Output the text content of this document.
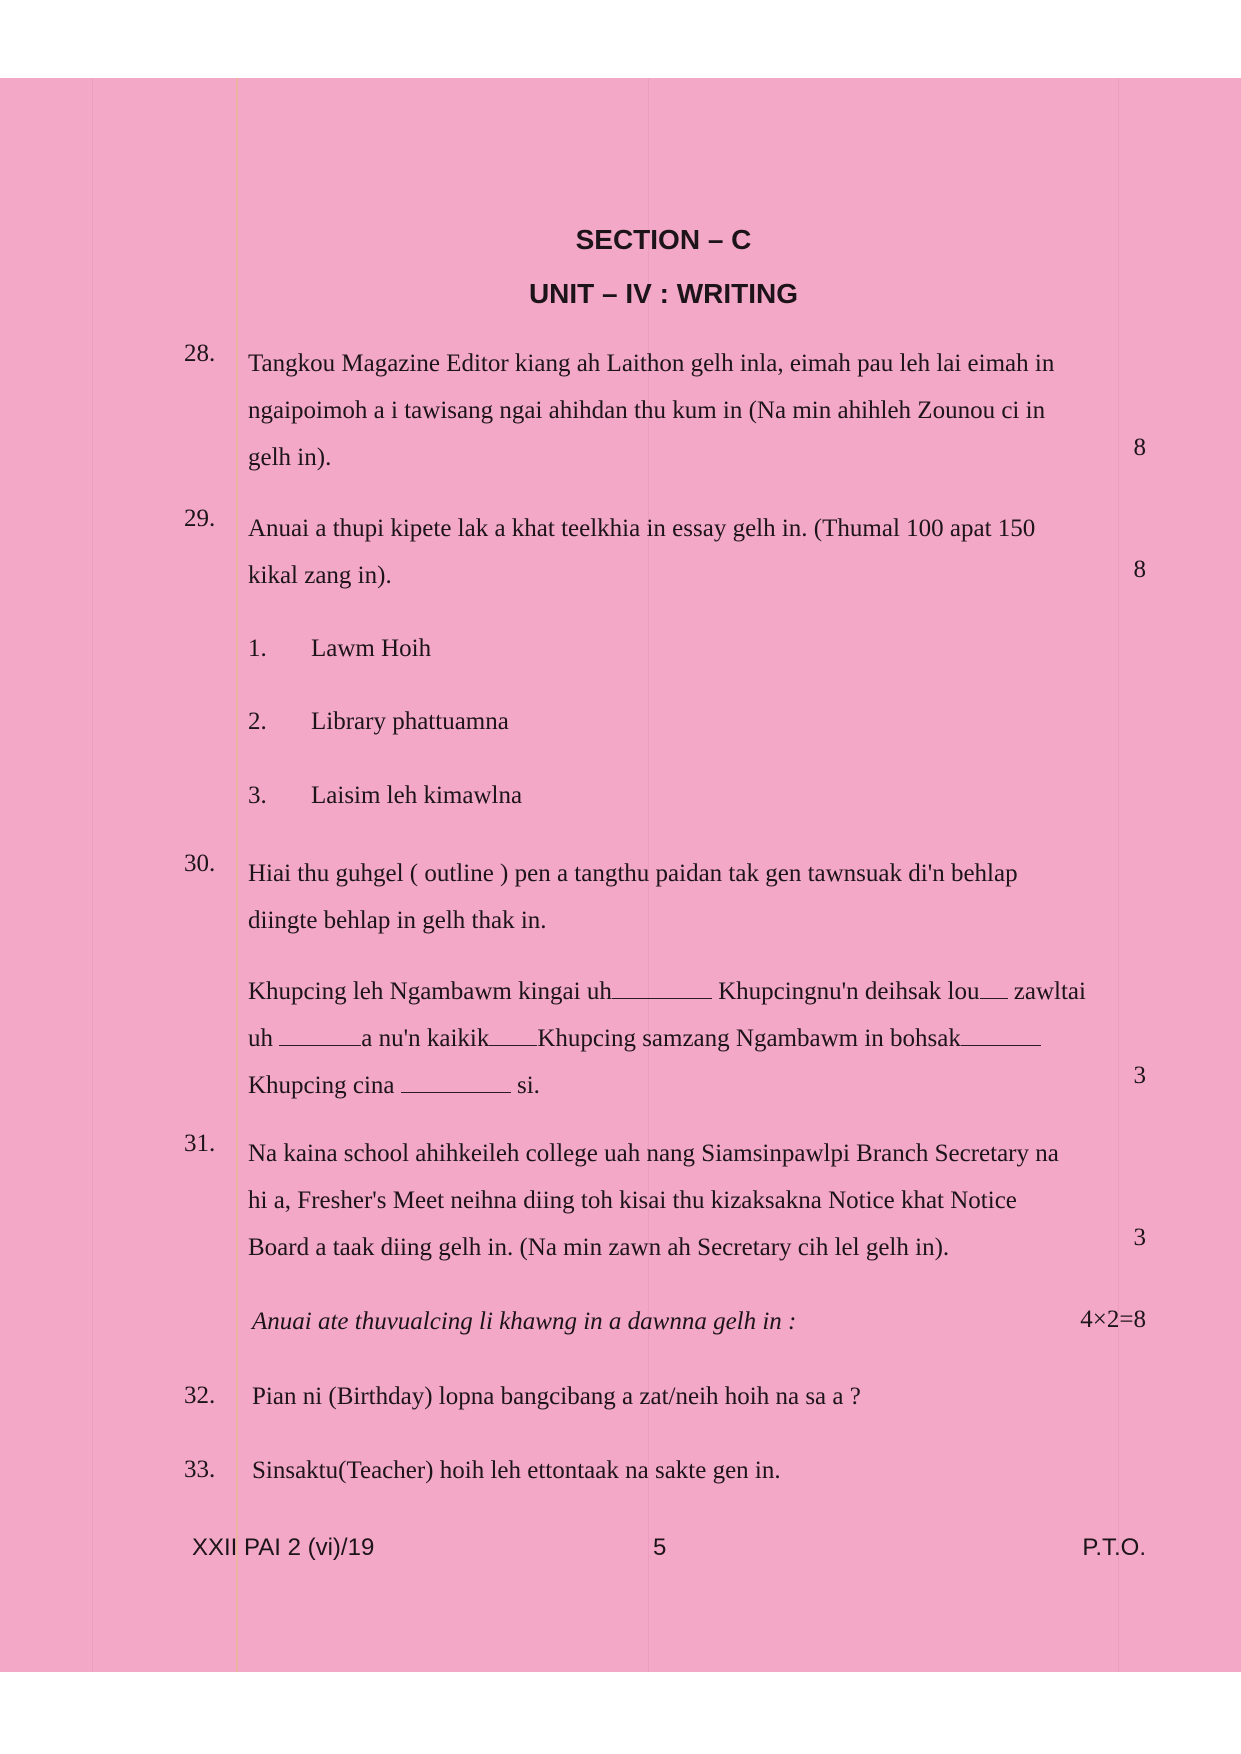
SECTION – C
UNIT – IV : WRITING
28. Tangkou Magazine Editor kiang ah Laithon gelh inla, eimah pau leh lai eimah in
ngaipoimoh a i tawisang ngai ahihdan thu kum in (Na min ahihleh Zounou ci in
gelh in).	8
29. Anuai a thupi kipete lak a khat teelkhia in essay gelh in. (Thumal 100 apat 150
kikal zang in).	8
1. Lawm Hoih
2. Library phattuamna
3. Laisim leh kimawlna
30. Hiai thu guhgel ( outline ) pen a tangthu paidan tak gen tawnsuak di'n behlap
diingte behlap in gelh thak in.
Khupcing leh Ngambawm kingai uh	Khupcingnu'n deihsak lou zawltai
uh	a nu'n kaikik Khupcing samzang Ngambawm in bohsak
Khupcing cina	si.	3
31. Na kaina school ahihkeileh college uah nang Siamsinpawlpi Branch Secretary na
hi a, Fresher's Meet neihna diing toh kisai thu kizaksakna Notice khat Notice
Board a taak diing gelh in. (Na min zawn ah Secretary cih lel gelh in).	3
Anuai ate thuvualcing li khawng in a dawnna gelh in :	4×2=8
32. Pian ni (Birthday) lopna bangcibang a zat/neih hoih na sa a ?
33. Sinsaktu(Teacher) hoih leh ettontaak na sakte gen in.
XXII PAI 2 (vi)/19	5	P.T.O.
